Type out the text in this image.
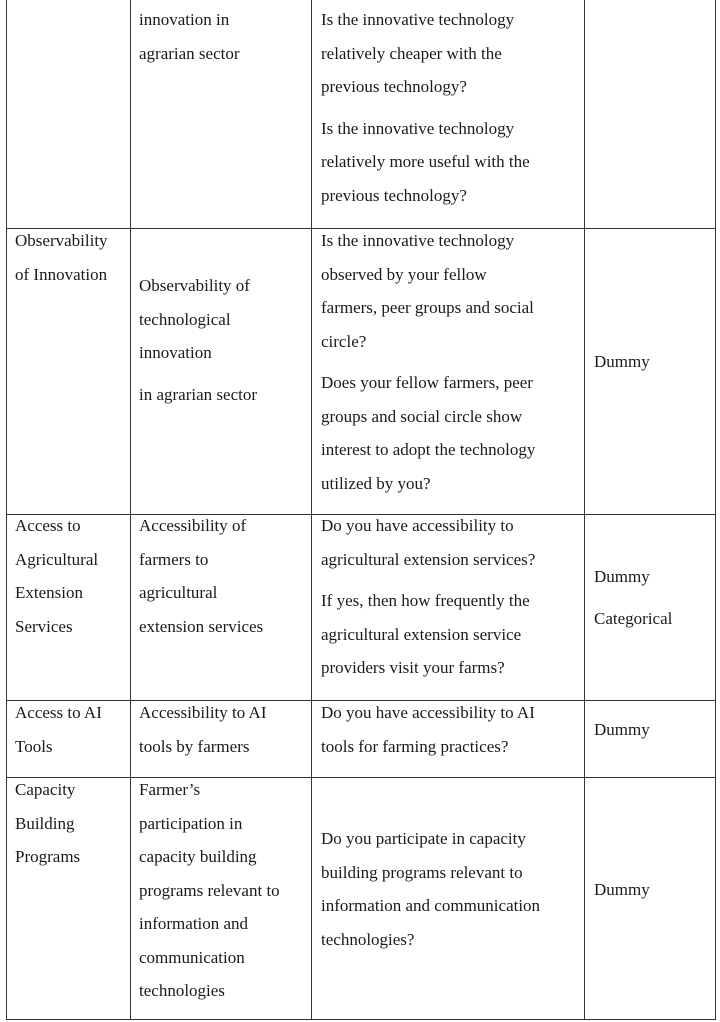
innovation in
agrarian sector

Is the innovative technology
relatively cheaper with the
previous technology?

Is the innovative technology
relatively more useful with the
previous technology?

Observability
of Innovation

Observability of
technological
innovation

in agrarian sector

Is the innovative technology
observed by your fellow
farmers, peer groups and social
circle?

Does your fellow farmers, peer
groups and social circle show
interest to adopt the technology
utilized by you?

Dummy

Access to
Agricultural
Extension
Services

Accessibility of
farmers to
agricultural
extension services

Do you have accessibility to
agricultural extension services?

If yes, then how frequently the
agricultural extension service
providers visit your farms?

Dummy

Categorical

Access to AI
Tools

Accessibility to AI
tools by farmers

Do you have accessibility to AI
tools for farming practices?

Dummy

Capacity
Building
Programs

Farmer’s
participation in
capacity building
programs relevant to
information and
communication
technologies

Do you participate in capacity
building programs relevant to
information and communication
technologies?

Dummy
